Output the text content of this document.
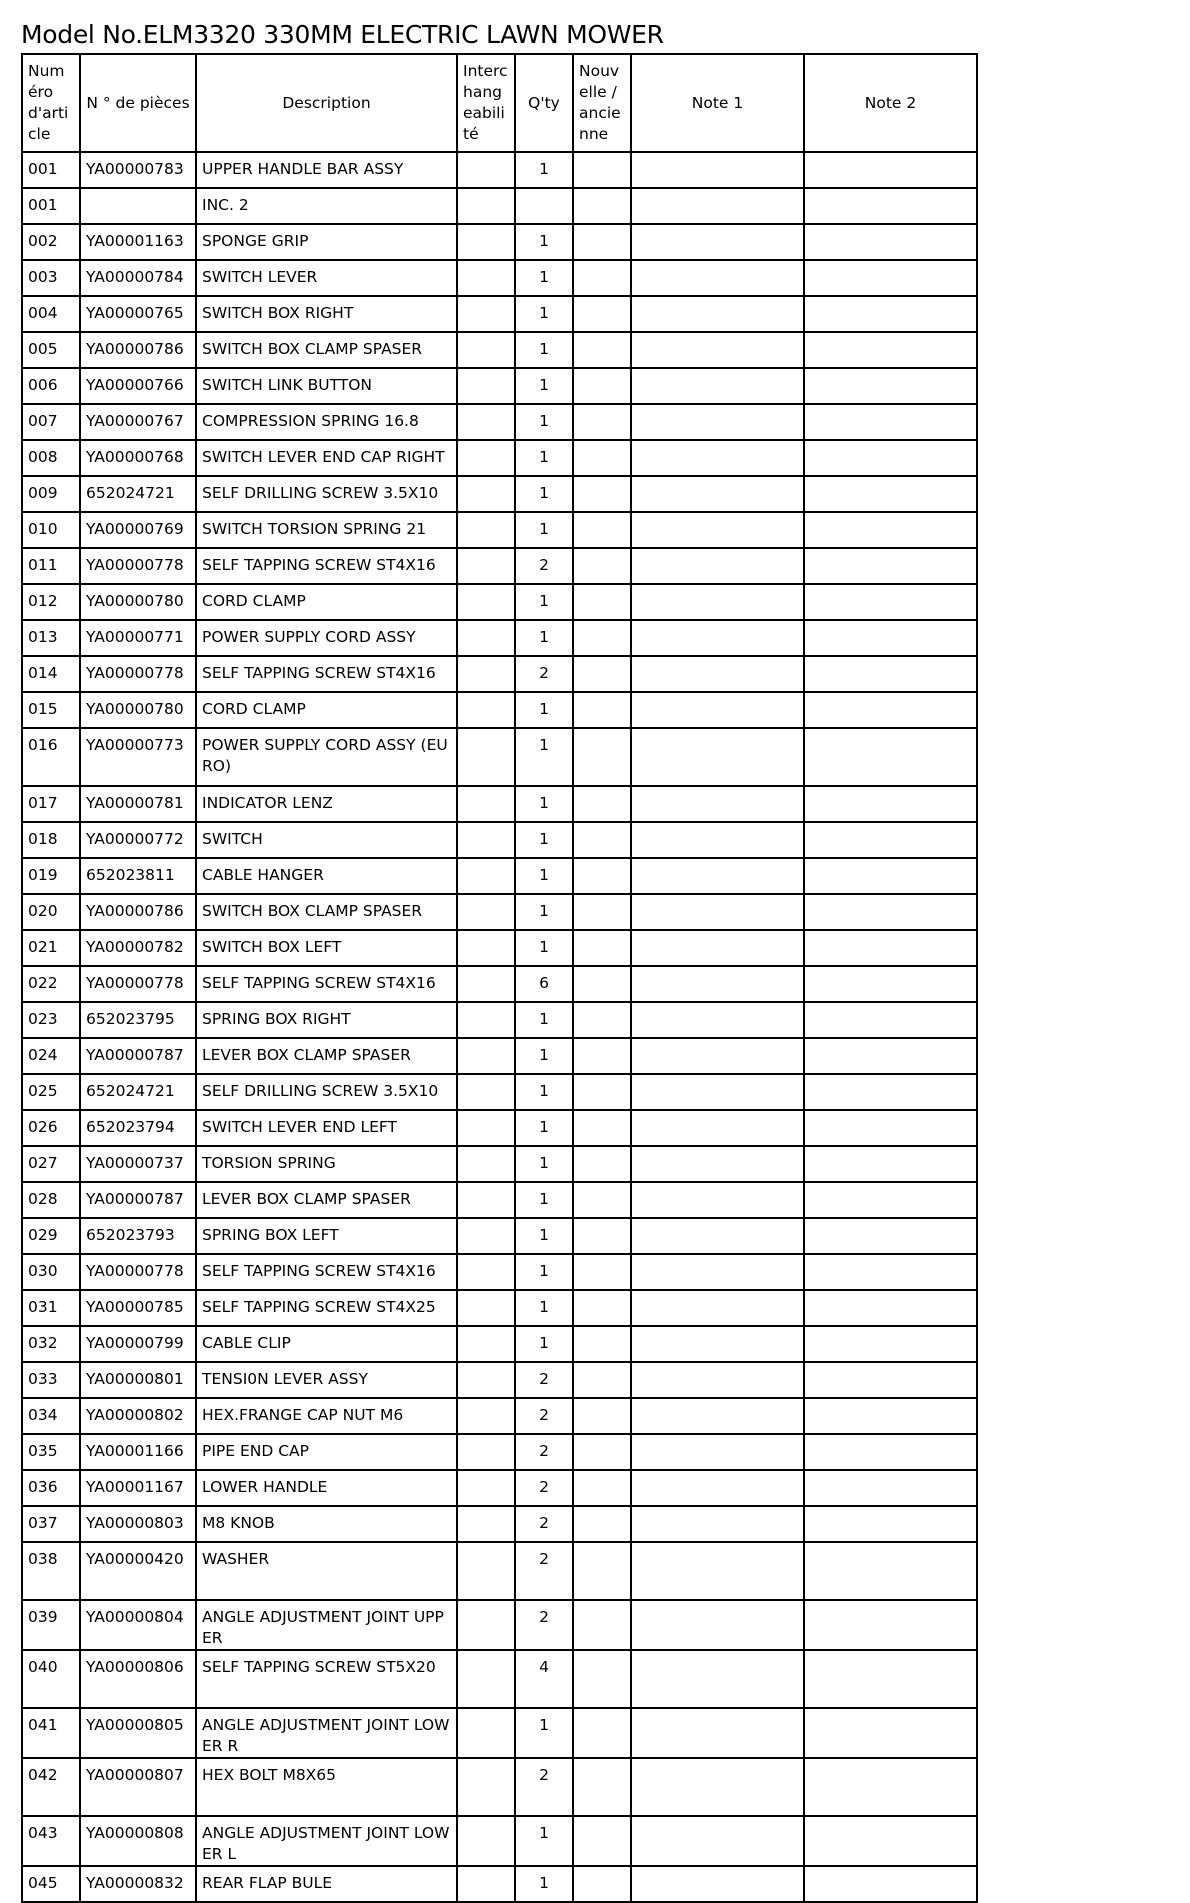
Model No.ELM3320 330MM ELECTRIC LAWN MOWER
Numéro d'article	N ° de pièces	Description	Interchangeabilité	Q'ty	Nouvelle / ancienne	Note 1	Note 2
001	YA00000783	UPPER HANDLE BAR ASSY		1			
001		INC. 2					
002	YA00001163	SPONGE GRIP		1			
003	YA00000784	SWITCH LEVER		1			
004	YA00000765	SWITCH BOX RIGHT		1			
005	YA00000786	SWITCH BOX CLAMP SPASER		1			
006	YA00000766	SWITCH LINK BUTTON		1			
007	YA00000767	COMPRESSION SPRING 16.8		1			
008	YA00000768	SWITCH LEVER END CAP RIGHT		1			
009	652024721	SELF DRILLING SCREW 3.5X10		1			
010	YA00000769	SWITCH TORSION SPRING 21		1			
011	YA00000778	SELF TAPPING SCREW ST4X16		2			
012	YA00000780	CORD CLAMP		1			
013	YA00000771	POWER SUPPLY CORD ASSY		1			
014	YA00000778	SELF TAPPING SCREW ST4X16		2			
015	YA00000780	CORD CLAMP		1			
016	YA00000773	POWER SUPPLY CORD ASSY (EURO)		1			
017	YA00000781	INDICATOR LENZ		1			
018	YA00000772	SWITCH		1			
019	652023811	CABLE HANGER		1			
020	YA00000786	SWITCH BOX CLAMP SPASER		1			
021	YA00000782	SWITCH BOX LEFT		1			
022	YA00000778	SELF TAPPING SCREW ST4X16		6			
023	652023795	SPRING BOX RIGHT		1			
024	YA00000787	LEVER BOX CLAMP SPASER		1			
025	652024721	SELF DRILLING SCREW 3.5X10		1			
026	652023794	SWITCH LEVER END LEFT		1			
027	YA00000737	TORSION SPRING		1			
028	YA00000787	LEVER BOX CLAMP SPASER		1			
029	652023793	SPRING BOX LEFT		1			
030	YA00000778	SELF TAPPING SCREW ST4X16		1			
031	YA00000785	SELF TAPPING SCREW ST4X25		1			
032	YA00000799	CABLE CLIP		1			
033	YA00000801	TENSI0N LEVER ASSY		2			
034	YA00000802	HEX.FRANGE CAP NUT M6		2			
035	YA00001166	PIPE END CAP		2			
036	YA00001167	LOWER HANDLE		2			
037	YA00000803	M8 KNOB		2			
038	YA00000420	WASHER		2			
039	YA00000804	ANGLE ADJUSTMENT JOINT UPPER		2			
040	YA00000806	SELF TAPPING SCREW ST5X20		4			
041	YA00000805	ANGLE ADJUSTMENT JOINT LOWER R		1			
042	YA00000807	HEX BOLT M8X65		2			
043	YA00000808	ANGLE ADJUSTMENT JOINT LOWER L		1			
045	YA00000832	REAR FLAP BULE		1			
